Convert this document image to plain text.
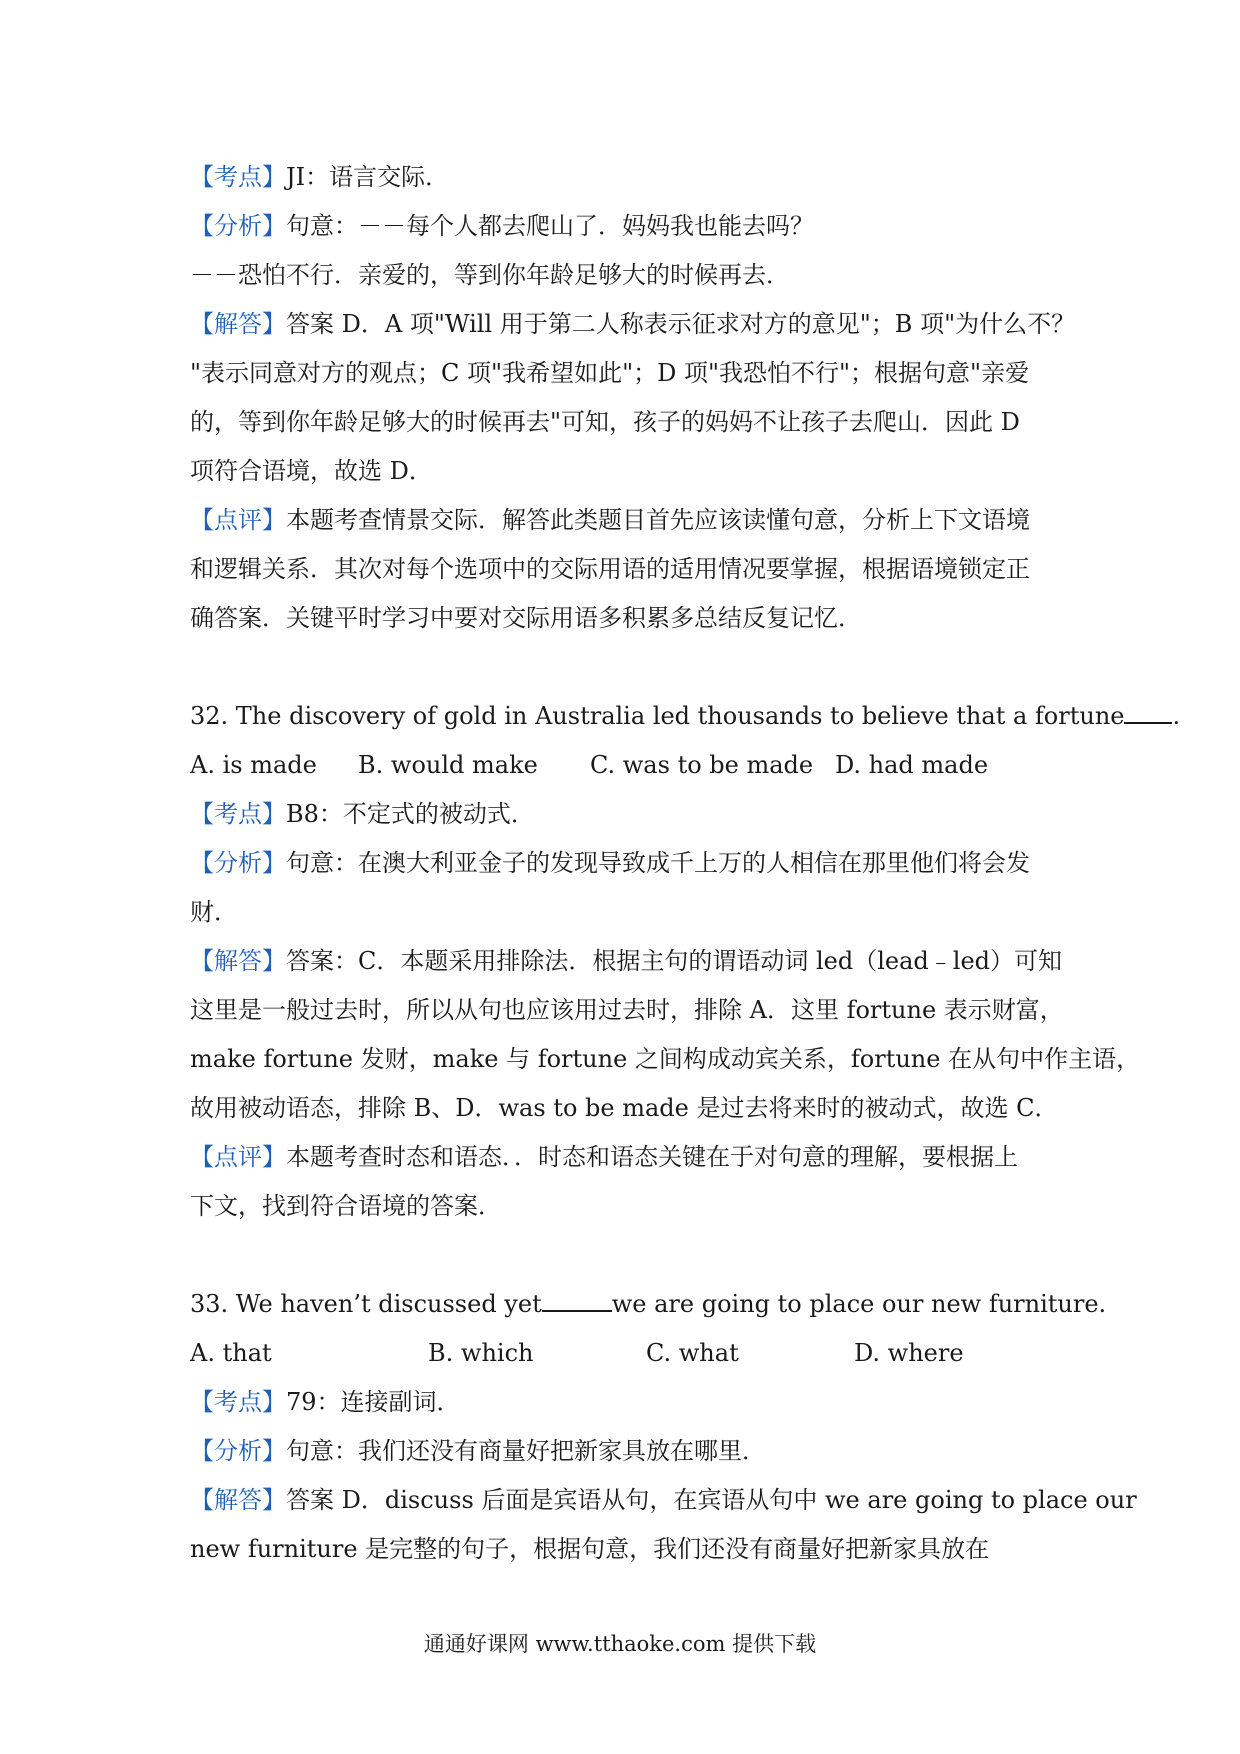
【考点】JI：语言交际．
【分析】句意：－－每个人都去爬山了．妈妈我也能去吗？
－－恐怕不行．亲爱的，等到你年龄足够大的时候再去．
【解答】答案 D．A 项"Will 用于第二人称表示征求对方的意见"；B 项"为什么不？
"表示同意对方的观点；C 项"我希望如此"；D 项"我恐怕不行"；根据句意"亲爱
的，等到你年龄足够大的时候再去"可知，孩子的妈妈不让孩子去爬山．因此 D
项符合语境，故选 D．
【点评】本题考查情景交际．解答此类题目首先应该读懂句意，分析上下文语境
和逻辑关系．其次对每个选项中的交际用语的适用情况要掌握，根据语境锁定正
确答案．关键平时学习中要对交际用语多积累多总结反复记忆．
32. The discovery of gold in Australia led thousands to believe that a fortune .
A. is made	B. would make	C. was to be made D. had made
【考点】B8：不定式的被动式．
【分析】句意：在澳大利亚金子的发现导致成千上万的人相信在那里他们将会发
财．
【解答】答案：C．本题采用排除法．根据主句的谓语动词 led（lead﹣led）可知
这里是一般过去时，所以从句也应该用过去时，排除 A．这里 fortune 表示财富，
make fortune 发财，make 与 fortune 之间构成动宾关系，fortune 在从句中作主语，
故用被动语态，排除 B、D．was to be made 是过去将来时的被动式，故选 C．
【点评】本题考查时态和语态．．时态和语态关键在于对句意的理解，要根据上
下文，找到符合语境的答案．
33. We haven’t discussed yet	we are going to place our new furniture.
A. that	B. which	C. what	D. where
【考点】79：连接副词．
【分析】句意：我们还没有商量好把新家具放在哪里．
【解答】答案 D．discuss 后面是宾语从句，在宾语从句中 we are going to place our
new furniture 是完整的句子，根据句意，我们还没有商量好把新家具放在
通通好课网 www.tthaoke.com 提供下载
